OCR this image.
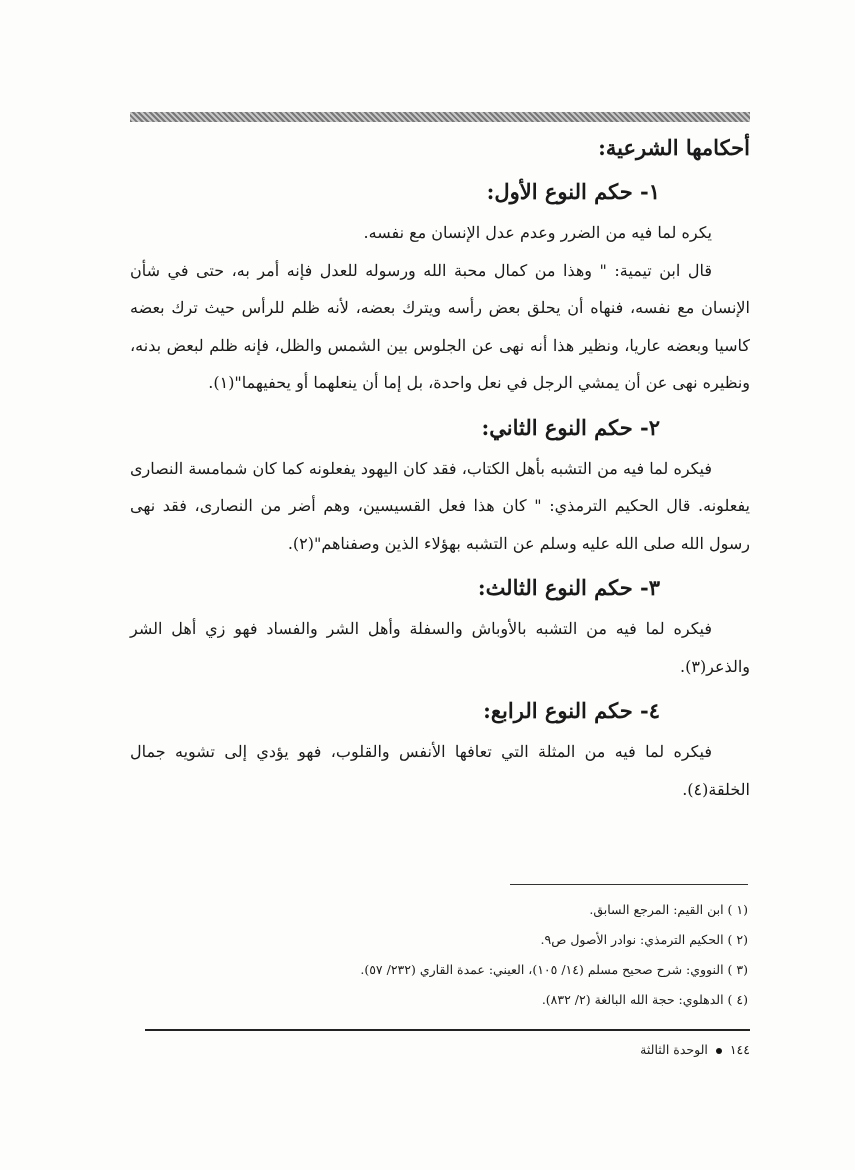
أحكامها الشرعية:
١- حكم النوع الأول:

يكره لما فيه من الضرر وعدم عدل الإنسان مع نفسه.

قال ابن تيمية: " وهذا من كمال محبة الله ورسوله للعدل فإنه أمر به، حتى في شأن الإنسان مع نفسه، فنهاه أن يحلق بعض رأسه ويترك بعضه، لأنه ظلم للرأس حيث ترك بعضه كاسيا وبعضه عاريا، ونظير هذا أنه نهى عن الجلوس بين الشمس والظل، فإنه ظلم لبعض بدنه، ونظيره نهى عن أن يمشي الرجل في نعل واحدة، بل إما أن ينعلهما أو يحفيهما"(١).

٢- حكم النوع الثاني:

فيكره لما فيه من التشبه بأهل الكتاب، فقد كان اليهود يفعلونه كما كان شمامسة النصارى يفعلونه. قال الحكيم الترمذي: " كان هذا فعل القسيسين، وهم أضر من النصارى، فقد نهى رسول الله صلى الله عليه وسلم عن التشبه بهؤلاء الذين وصفناهم"(٢).

٣- حكم النوع الثالث:

فيكره لما فيه من التشبه بالأوباش والسفلة وأهل الشر والفساد فهو زي أهل الشر والذعر(٣).

٤- حكم النوع الرابع:

فيكره لما فيه من المثلة التي تعافها الأنفس والقلوب، فهو يؤدي إلى تشويه جمال الخلقة(٤).

(١ ) ابن القيم: المرجع السابق.

(٢ ) الحكيم الترمذي: نوادر الأصول ص٩.

(٣ ) النووي: شرح صحيح مسلم (١٤/ ١٠٥)، العيني: عمدة القاري (٢٣٢/ ٥٧).

(٤ ) الدهلوي: حجة الله البالغة (٢/ ٨٣٢).

١٤٤  الوحدة الثالثة
